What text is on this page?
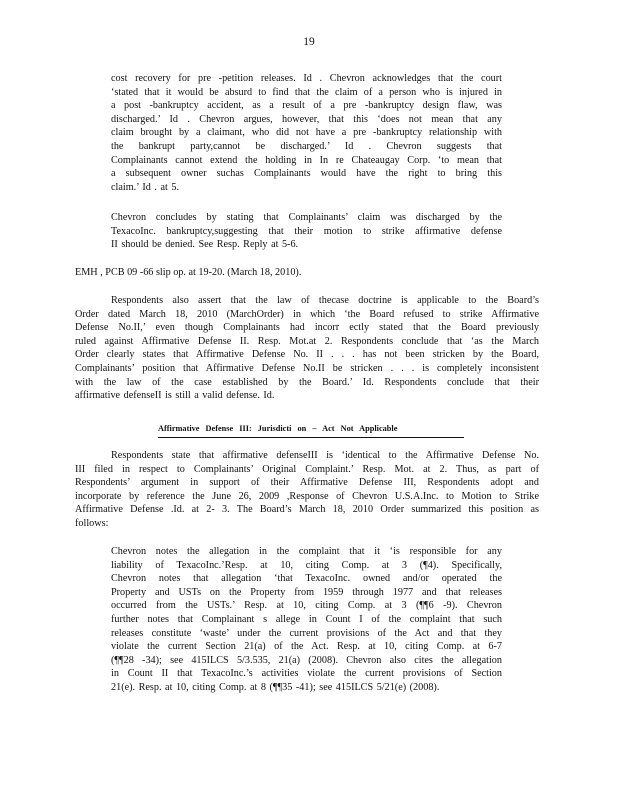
19
cost recovery for pre -petition releases. Id . Chevron acknowledges that the court
‘stated that it would be absurd to find that the claim of a person who is injured in
a post -bankruptcy accident, as a result of a pre -bankruptcy design flaw, was
discharged.’ Id . Chevron argues, however, that this ‘does not mean that any
claim brought by a claimant, who did not have a pre -bankruptcy relationship with
the bankrupt party,cannot be discharged.’ Id . Chevron suggests that
Complainants cannot extend the holding in In re Chateaugay Corp. ‘to mean that
a subsequent owner suchas Complainants would have the right to bring this
claim.’ Id . at 5.
Chevron concludes by stating that Complainants’ claim was discharged by the
TexacoInc. bankruptcy,suggesting that their motion to strike affirmative defense
II should be denied. See Resp. Reply at 5-6.
EMH , PCB 09 -66 slip op. at 19-20. (March 18, 2010).
Respondents also assert that the law of thecase doctrine is applicable to the Board’s
Order dated March 18, 2010 (MarchOrder) in which ‘the Board refused to strike Affirmative
Defense No.II,’ even though Complainants had incorr ectly stated that the Board previously
ruled against Affirmative Defense II. Resp. Mot.at 2. Respondents conclude that ‘as the March
Order clearly states that Affirmative Defense No. II . . . has not been stricken by the Board,
Complainants’ position that Affirmative Defense No.II be stricken . . . is completely inconsistent
with the law of the case established by the Board.’ Id. Respondents conclude that their
affirmative defenseII is still a valid defense. Id.
Affirmative Defense III: Jurisdicti on – Act Not Applicable
Respondents state that affirmative defenseIII is ‘identical to the Affirmative Defense No.
III filed in respect to Complainants’ Original Complaint.’ Resp. Mot. at 2. Thus, as part of
Respondents’ argument in support of their Affirmative Defense III, Respondents adopt and
incorporate by reference the June 26, 2009 ,Response of Chevron U.S.A.Inc. to Motion to Strike
Affirmative Defense .Id. at 2- 3. The Board’s March 18, 2010 Order summarized this position as
follows:
Chevron notes the allegation in the complaint that it ‘is responsible for any
liability of TexacoInc.’Resp. at 10, citing Comp. at 3 (¶4). Specifically,
Chevron notes that allegation ‘that TexacoInc. owned and/or operated the
Property and USTs on the Property from 1959 through 1977 and that releases
occurred from the USTs.’ Resp. at 10, citing Comp. at 3 (¶¶6 -9). Chevron
further notes that Complainant s allege in Count I of the complaint that such
releases constitute ‘waste’ under the current provisions of the Act and that they
violate the current Section 21(a) of the Act. Resp. at 10, citing Comp. at 6-7
(¶¶28 -34); see 415ILCS 5/3.535, 21(a) (2008). Chevron also cites the allegation
in Count II that TexacoInc.’s activities violate the current provisions of Section
21(e). Resp. at 10, citing Comp. at 8 (¶¶35 -41); see 415ILCS 5/21(e) (2008).
